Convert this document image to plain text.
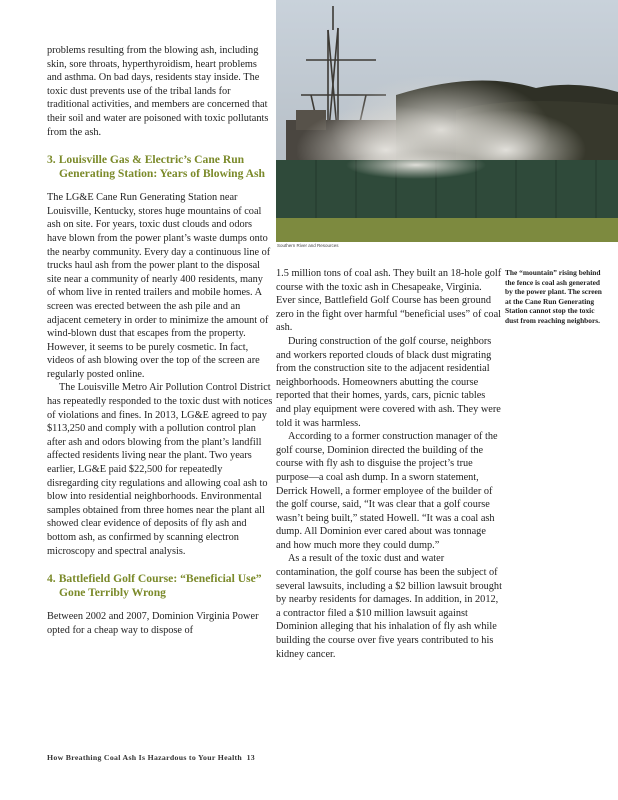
Southern River and Resources
The “mountain” rising behind the fence is coal ash generated by the power plant. The screen at the Cane Run Generating Station cannot stop the toxic dust from reaching neighbors.

problems resulting from the blowing ash, including skin, sore throats, hyperthyroidism, heart problems and asthma. On bad days, residents stay inside. The toxic dust prevents use of the tribal lands for traditional activities, and members are concerned that their soil and water are poisoned with toxic pollutants from the ash.

3. Louisville Gas & Electric’s Cane Run Generating Station: Years of Blowing Ash

The LG&E Cane Run Generating Station near Louisville, Kentucky, stores huge mountains of coal ash on site. For years, toxic dust clouds and odors have blown from the power plant’s waste dumps onto the nearby community. Every day a continuous line of trucks haul ash from the power plant to the disposal site near a community of nearly 400 residents, many of whom live in rented trailers and mobile homes. A screen was erected between the ash pile and an adjacent cemetery in order to minimize the amount of wind-blown dust that escapes from the property. However, it seems to be purely cosmetic. In fact, videos of ash blowing over the top of the screen are regularly posted online.

The Louisville Metro Air Pollution Control District has repeatedly responded to the toxic dust with notices of violations and fines. In 2013, LG&E agreed to pay $113,250 and comply with a pollution control plan after ash and odors blowing from the plant’s landfill affected residents living near the plant. Two years earlier, LG&E paid $22,500 for repeatedly disregarding city regulations and allowing coal ash to blow into residential neighborhoods. Environmental samples obtained from three homes near the plant all showed clear evidence of deposits of fly ash and bottom ash, as confirmed by scanning electron microscopy and spectral analysis.

4. Battlefield Golf Course: “Beneficial Use” Gone Terribly Wrong

Between 2002 and 2007, Dominion Virginia Power opted for a cheap way to dispose of

1.5 million tons of coal ash. They built an 18-hole golf course with the toxic ash in Chesapeake, Virginia. Ever since, Battlefield Golf Course has been ground zero in the fight over harmful “beneficial uses” of coal ash.

During construction of the golf course, neighbors and workers reported clouds of black dust migrating from the construction site to the adjacent residential neighborhoods. Homeowners abutting the course reported that their homes, yards, cars, picnic tables and play equipment were covered with ash. They were told it was harmless.

According to a former construction manager of the golf course, Dominion directed the building of the course with fly ash to disguise the project’s true purpose—a coal ash dump. In a sworn statement, Derrick Howell, a former employee of the builder of the golf course, said, “It was clear that a golf course wasn’t being built,” stated Howell. “It was a coal ash dump. All Dominion ever cared about was tonnage and how much more they could dump.”

As a result of the toxic dust and water contamination, the golf course has been the subject of several lawsuits, including a $2 billion lawsuit brought by nearby residents for damages. In addition, in 2012, a contractor filed a $10 million lawsuit against Dominion alleging that his inhalation of fly ash while building the course over five years contributed to his kidney cancer.

How Breathing Coal Ash Is Hazardous to Your Health 13
